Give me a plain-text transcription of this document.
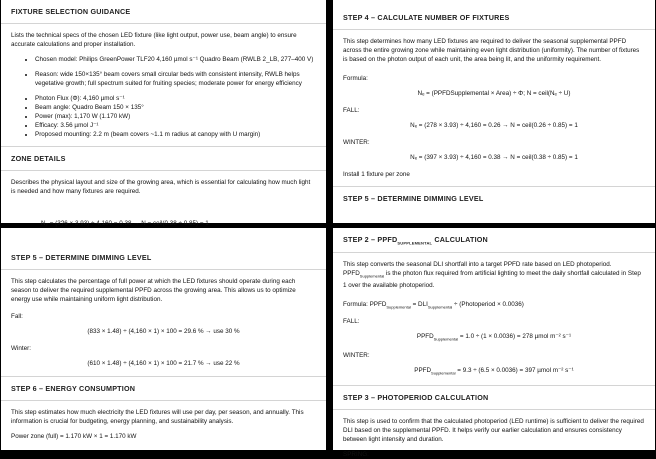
FIXTURE SELECTION GUIDANCE

Lists the technical specs of the chosen LED fixture (like light output, power use, beam angle) to ensure accurate calculations and proper installation.

• Chosen model: Philips GreenPower TLF20 4,160 µmol s⁻¹ Quadro Beam (RWLB 2_LB, 277–400 V)
• Reason: wide 150×135° beam covers small circular beds with consistent intensity, RWLB helps vegetative growth; full spectrum suited for fruiting species; moderate power for energy efficiency
• Photon Flux (Φ): 4,160 µmol s⁻¹
• Beam angle: Quadro Beam 150 × 135°
• Power (max): 1,170 W (1.170 kW)
• Efficacy: 3.56 µmol J⁻¹
• Proposed mounting: 2.2 m (beam covers ~1.1 m radius at canopy with U margin)
ZONE DETAILS

Describes the physical layout and size of the growing area, which is essential for calculating how much light is needed and how many fixtures are required.

N₂ = (3?6 × 3.93) ÷ 4,160 = 0.38 → N = ceil(0.38 ÷ 0.85) = 1
STEP 4 – CALCULATE NUMBER OF FIXTURES

This step determines how many LED fixtures are required to deliver the seasonal supplemental PPFD across the entire growing zone while maintaining even light distribution (uniformity). The number of fixtures is based on the photon output of each unit, the area being lit, and the uniformity requirement.

Formula:
Nₑ = (PPFDSupplemental × Area) ÷ Φ; N = ceil(Nₑ ÷ U)
FALL:
Nₑ = (278 × 3.93) ÷ 4,160 = 0.26 → N = ceil(0.26 ÷ 0.85) = 1
WINTER:
Nₑ = (397 × 3.93) ÷ 4,160 = 0.38 → N = ceil(0.38 ÷ 0.85) = 1

Install 1 fixture per zone

STEP 5 – DETERMINE DIMMING LEVEL
STEP 5 – DETERMINE DIMMING LEVEL

This step calculates the percentage of full power at which the LED fixtures should operate during each season to deliver the required supplemental PPFD across the growing area. This allows us to optimize energy use while maintaining uniform light distribution.

Fall:
(833 × 1.48) ÷ (4,160 × 1) × 100 = 29.6 % → use 30 %
Winter:
(610 × 1.48) ÷ (4,160 × 1) × 100 = 21.7 % → use 22 %
STEP 6 – ENERGY CONSUMPTION

This step estimates how much electricity the LED fixtures will use per day, per season, and annually. This information is crucial for budgeting, energy planning, and sustainability analysis.

Power zone (full) = 1.170 kW × 1 = 1.170 kW

STEP $2 - PPFD_{SUPPLEMENTAL}$ CALCULATION

This step converts the seasonal DLI shortfall into a target PPFD rate based on LED photoperiod. $PPFD_{Supplemental}$ is the photon flux required from artificial lighting to meet the daily shortfall calculated in Step 1 over the available photoperiod.

Formula: $PPFD_{Supplemental} = DLI_{Supplemental}$ ÷ (Photoperiod × 0.0036)

FALL:
$PPFD_{Supplemental} = 1.0 \div (1 \times 0.0036) = 278$ µmol m⁻² s⁻¹
WINTER:
$PPFD_{Supplemental} = 9.3 \div (6.5 \times 0.0036) = 397$ µmol m⁻² s⁻¹
STEP 3 – PHOTOPERIOD CALCULATION

This step is used to confirm that the calculated photoperiod (LED runtime) is sufficient to deliver the required DLI based on the supplemental PPFD. It helps verify our earlier calculation and ensures consistency between light intensity and duration.

SPRING:
